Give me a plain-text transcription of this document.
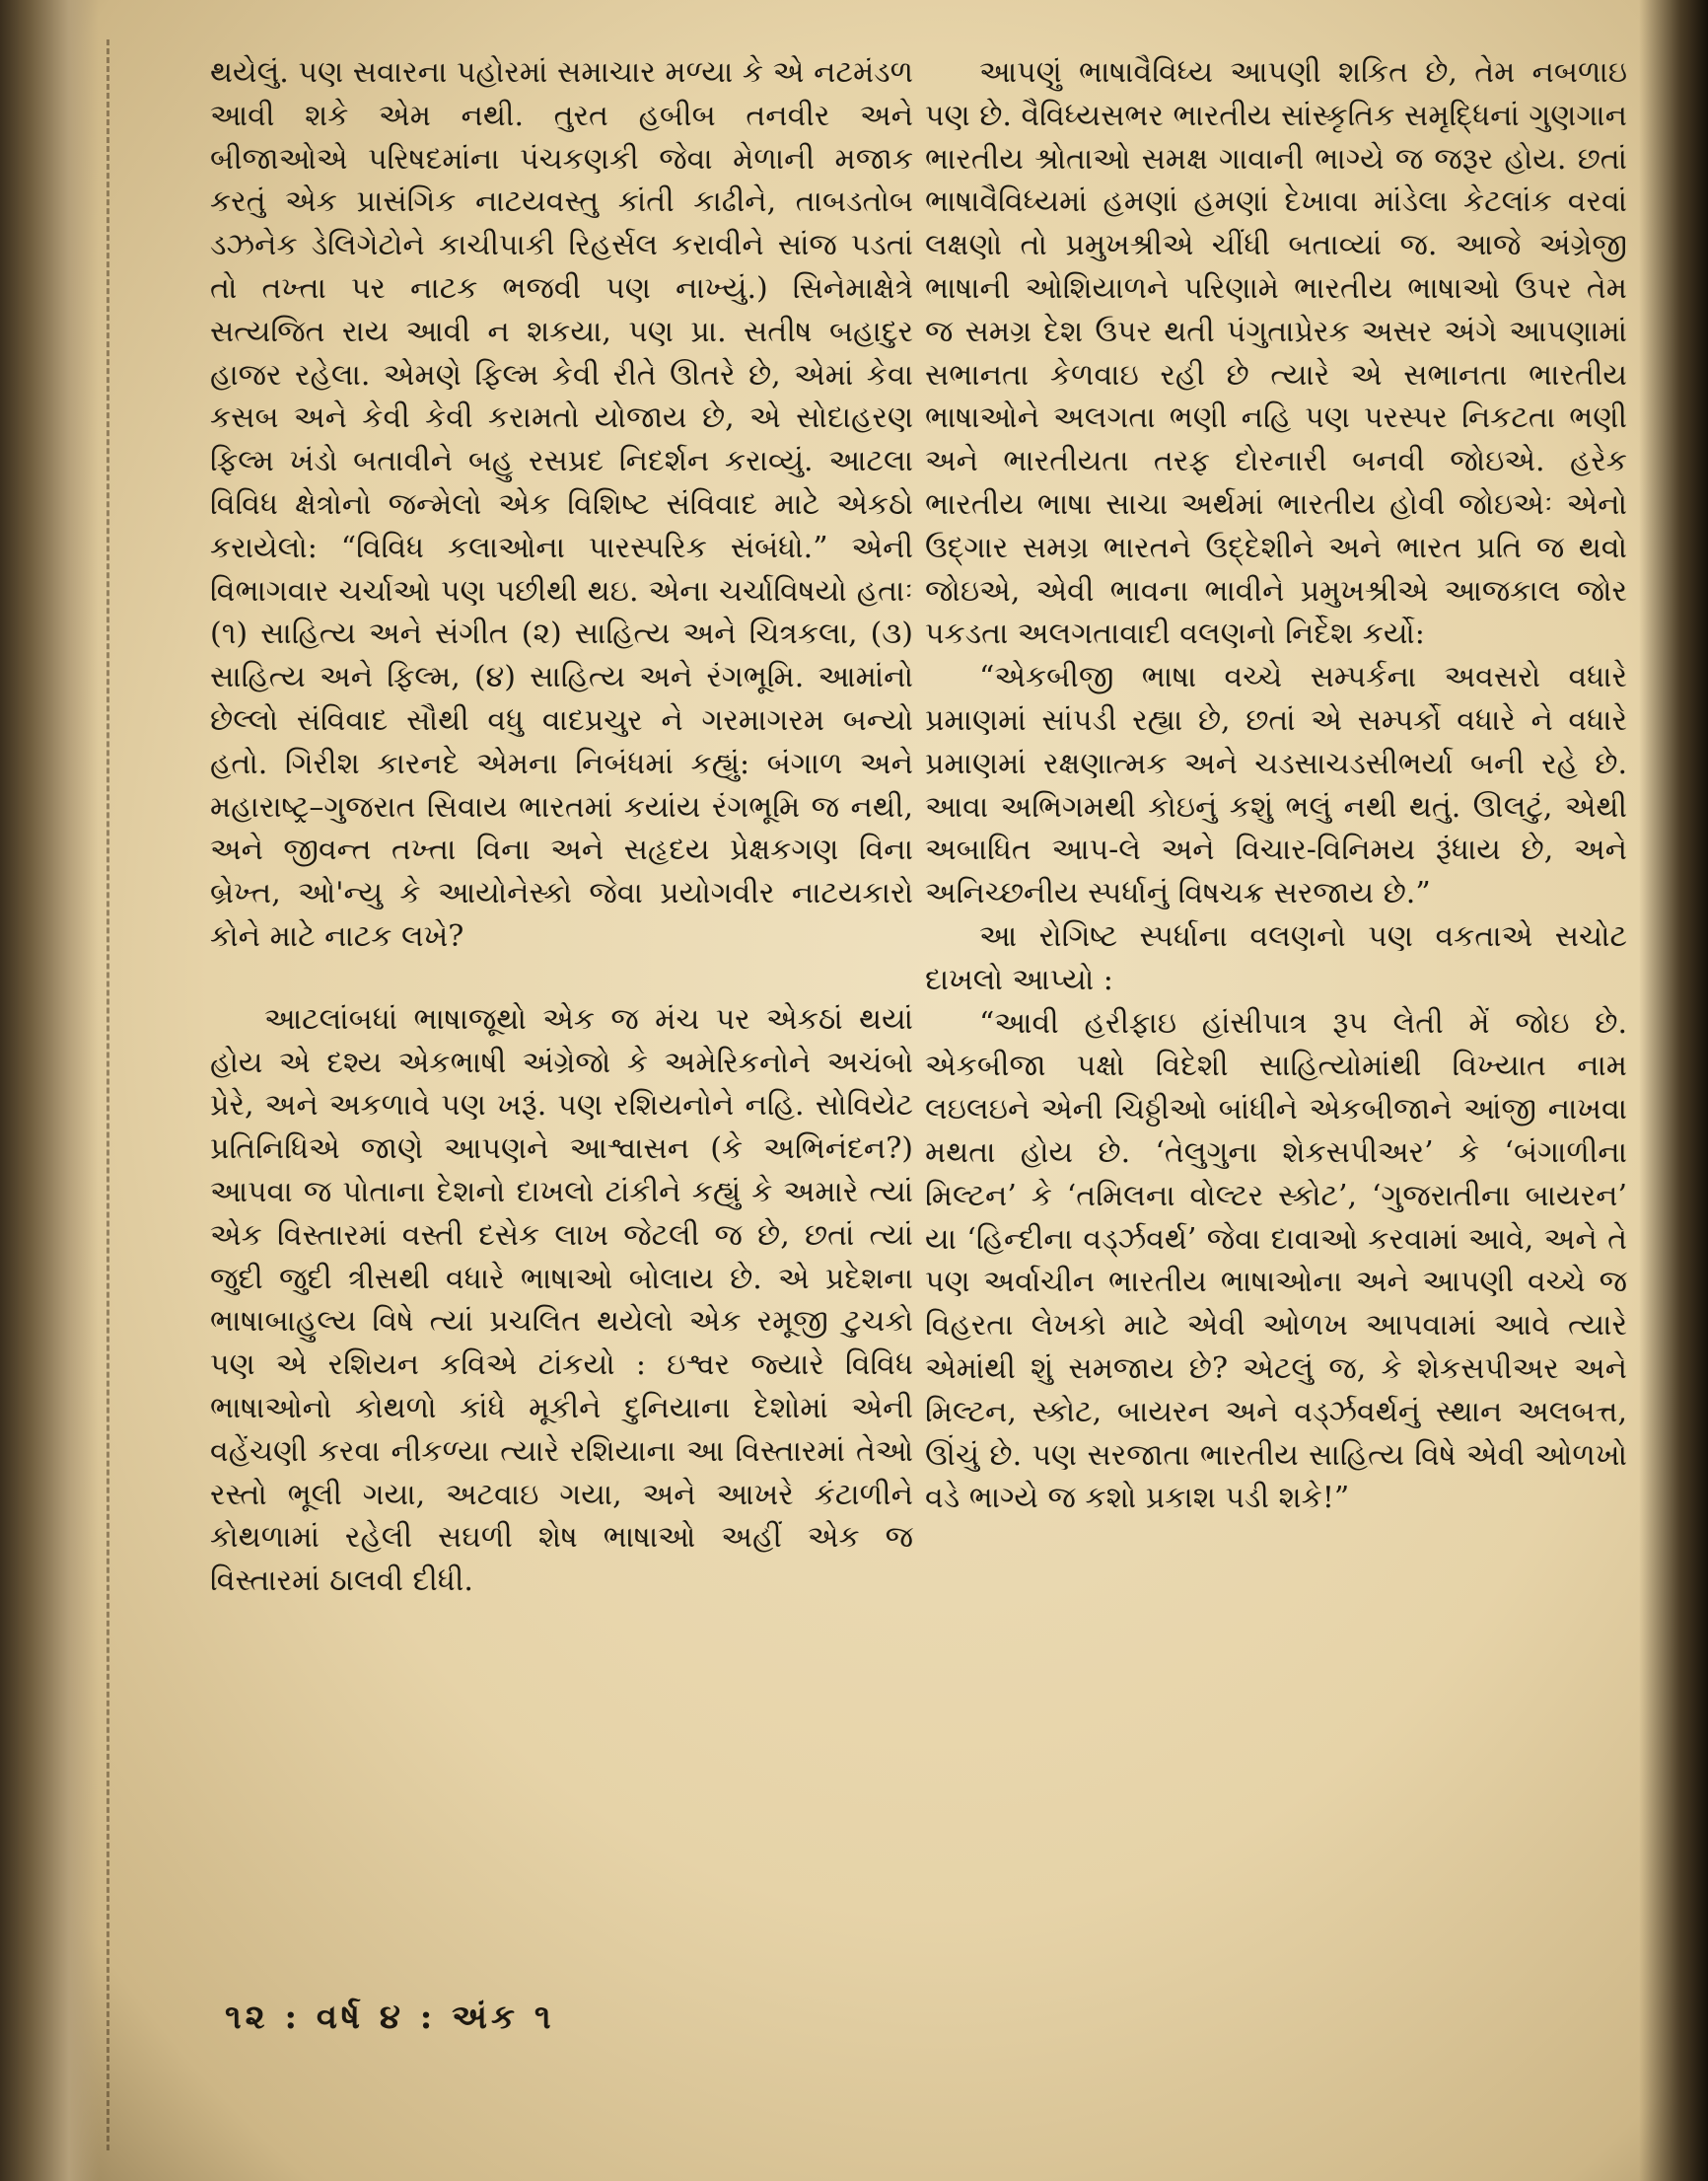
થયેલું. પણ સવારના પહોરમાં સમાચાર મળ્યા કે એ નટમંડળ આવી શકે એમ નથી. તુરત હબીબ તનવીર અને બીજાઓએ પરિષદમાંના પંચકણકી જેવા મેળાની મજાક કરતું એક પ્રાસંગિક નાટયવસ્તુ કાંતી કાઢીને, તાબડતોબ ડઝનેક ડેલિગેટોને કાચીપાકી રિહર્સલ કરાવીને સાંજ પડતાં તો તખ્તા પર નાટક ભજવી પણ નાખ્યું.) સિનેમાક્ષેત્રે સત્યજિત રાય આવી ન શકયા, પણ પ્રા. સતીષ બહાદુર હાજર રહેલા. એમણે ફિલ્મ કેવી રીતે ઊતરે છે, એમાં કેવા કસબ અને કેવી કેવી કરામતો યોજાય છે, એ સોદાહરણ ફિલ્મ ખંડો બતાવીને બહુ રસપ્રદ નિદર્શન કરાવ્યું. આટલા વિવિધ ક્ષેત્રોનો જન્મેલો એક વિશિષ્ટ સંવિવાદ માટે એકઠો કરાયેલો: “વિવિધ કલાઓના પારસ્પરિક સંબંધો.” એની વિભાગવાર ચર્ચાઓ પણ પછીથી થઇ. એના ચર્ચાવિષયો હતાઃ (૧) સાહિત્ય અને સંગીત (૨) સાહિત્ય અને ચિત્રકલા, (૩) સાહિત્ય અને ફિલ્મ, (૪) સાહિત્ય અને રંગભૂમિ. આમાંનો છેલ્લો સંવિવાદ સૌથી વધુ વાદપ્રચુર ને ગરમાગરમ બન્યો હતો. ગિરીશ કારનદે એમના નિબંધમાં કહ્યું: બંગાળ અને મહારાષ્ટ્ર–ગુજરાત સિવાય ભારતમાં કયાંય રંગભૂમિ જ નથી, અને જીવન્ત તખ્તા વિના અને સહૃદય પ્રેક્ષકગણ વિના બ્રેખ્ત, ઓ'ન્યુ કે આયોનેસ્કો જેવા પ્રયોગવીર નાટયકારો કોને માટે નાટક લખે?

આટલાંબધાં ભાષાજૂથો એક જ મંચ પર એકઠાં થયાં હોય એ દશ્ય એકભાષી અંગ્રેજો કે અમેરિકનોને અચંબો પ્રેરે, અને અકળાવે પણ ખરૂં. પણ રશિયનોને નહિ. સોવિયેટ પ્રતિનિધિએ જાણે આપણને આશ્વાસન (કે અભિનંદન?) આપવા જ પોતાના દેશનો દાખલો ટાંકીને કહ્યું કે અમારે ત્યાં એક વિસ્તારમાં વસ્તી દસેક લાખ જેટલી જ છે, છતાં ત્યાં જુદી જુદી ત્રીસથી વધારે ભાષાઓ બોલાય છે. એ પ્રદેશના ભાષાબાહુલ્ય વિષે ત્યાં પ્રચલિત થયેલો એક રમૂજી ટુચકો પણ એ રશિયન કવિએ ટાંકયો : ઇશ્વર જ્યારે વિવિધ ભાષાઓનો કોથળો કાંધે મૂકીને દુનિયાના દેશોમાં એની વહેંચણી કરવા નીકળ્યા ત્યારે રશિયાના આ વિસ્તારમાં તેઓ રસ્તો ભૂલી ગયા, અટવાઇ ગયા, અને આખરે કંટાળીને કોથળામાં રહેલી સઘળી શેષ ભાષાઓ અહીં એક જ વિસ્તારમાં ઠાલવી દીધી.

આપણું ભાષાવૈવિધ્ય આપણી શકિત છે, તેમ નબળાઇ પણ છે. વૈવિધ્યસભર ભારતીય સાંસ્કૃતિક સમૃદ્ધિનાં ગુણગાન ભારતીય શ્રોતાઓ સમક્ષ ગાવાની ભાગ્યે જ જરૂર હોય. છતાં ભાષાવૈવિધ્યમાં હમણાં હમણાં દેખાવા માંડેલા કેટલાંક વરવાં લક્ષણો તો પ્રમુખશ્રીએ ચીંધી બતાવ્યાં જ. આજે અંગ્રેજી ભાષાની ઓશિયાળને પરિણામે ભારતીય ભાષાઓ ઉપર તેમ જ સમગ્ર દેશ ઉપર થતી પંગુતાપ્રેરક અસર અંગે આપણામાં સભાનતા કેળવાઇ રહી છે ત્યારે એ સભાનતા ભારતીય ભાષાઓને અલગતા ભણી નહિ પણ પરસ્પર નિકટતા ભણી અને ભારતીયતા તરફ દોરનારી બનવી જોઇએ. હરેક ભારતીય ભાષા સાચા અર્થમાં ભારતીય હોવી જોઇએઃ એનો ઉદ્ગાર સમગ્ર ભારતને ઉદ્દેશીને અને ભારત પ્રતિ જ થવો જોઇએ, એવી ભાવના ભાવીને પ્રમુખશ્રીએ આજકાલ જોર પકડતા અલગતાવાદી વલણનો નિર્દેશ કર્યો:

“એકબીજી ભાષા વચ્ચે સમ્પર્કના અવસરો વધારે પ્રમાણમાં સાંપડી રહ્યા છે, છતાં એ સમ્પર્કો વધારે ને વધારે પ્રમાણમાં રક્ષણાત્મક અને ચડસાચડસીભર્યા બની રહે છે. આવા અભિગમથી કોઇનું કશું ભલું નથી થતું. ઊલટું, એથી અબાધિત આપ-લે અને વિચાર-વિનિમય રૂંધાય છે, અને અનિચ્છનીય સ્પર્ધાનું વિષચક્ર સરજાય છે.”

આ રોગિષ્ટ સ્પર્ધાના વલણનો પણ વકતાએ સચોટ દાખલો આપ્યો :

“આવી હરીફાઇ હાંસીપાત્ર રૂપ લેતી મેં જોઇ છે. એકબીજા પક્ષો વિદેશી સાહિત્યોમાંથી વિખ્યાત નામ લઇલઇને એની ચિઠ્ઠીઓ બાંધીને એકબીજાને આંજી નાખવા મથતા હોય છે. ‘તેલુગુના શેકસપીઅર’ કે ‘બંગાળીના મિલ્ટન’ કે ‘તમિલના વોલ્ટર સ્કોટ’, ‘ગુજરાતીના બાયરન’ યા ‘હિન્દીના વર્ડ્ઝવર્થ’ જેવા દાવાઓ કરવામાં આવે, અને તે પણ અર્વાચીન ભારતીય ભાષાઓના અને આપણી વચ્ચે જ વિહરતા લેખકો માટે એવી ઓળખ આપવામાં આવે ત્યારે એમાંથી શું સમજાય છે? એટલું જ, કે શેકસપીઅર અને મિલ્ટન, સ્કોટ, બાયરન અને વર્ડ્ઝવર્થનું સ્થાન અલબત્ત, ઊંચું છે. પણ સરજાતા ભારતીય સાહિત્ય વિષે એવી ઓળખો વડે ભાગ્યે જ કશો પ્રકાશ પડી શકે!”

૧૨ : વર્ષ ૪ : અંક ૧
